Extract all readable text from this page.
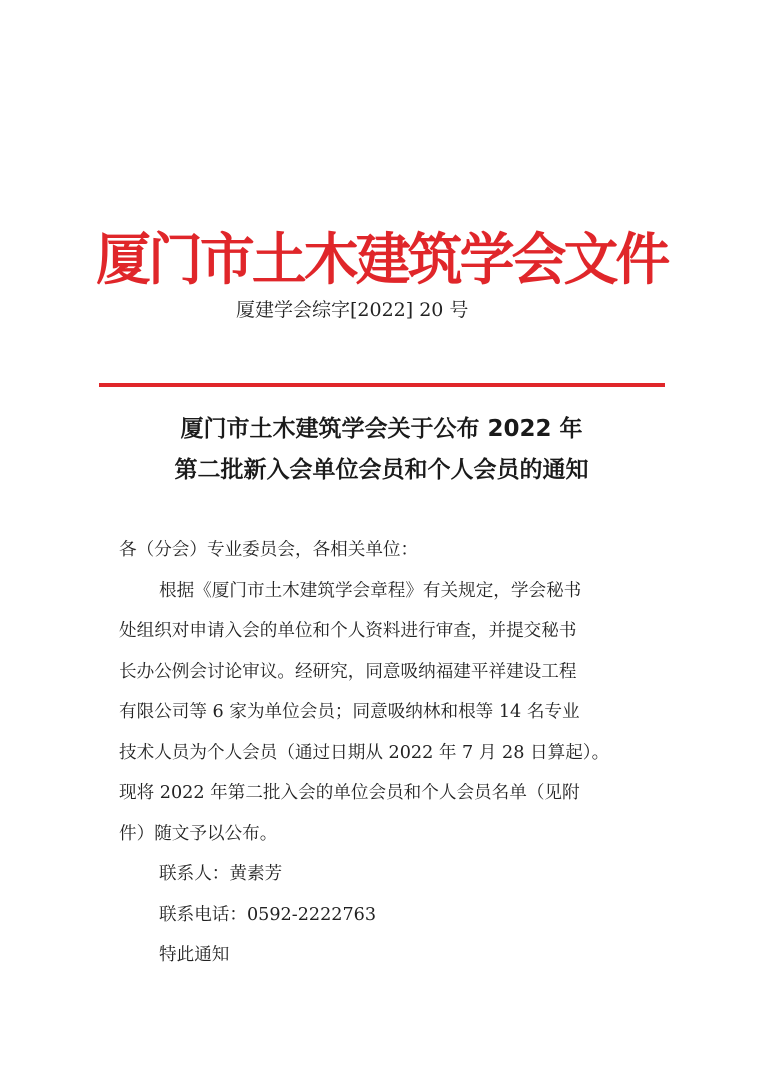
厦门市土木建筑学会文件
厦建学会综字[2022] 20 号
厦门市土木建筑学会关于公布 2022 年
第二批新入会单位会员和个人会员的通知

各（分会）专业委员会，各相关单位：

根据《厦门市土木建筑学会章程》有关规定，学会秘书

处组织对申请入会的单位和个人资料进行审查，并提交秘书

长办公例会讨论审议。经研究，同意吸纳福建平祥建设工程

有限公司等 6 家为单位会员；同意吸纳林和根等 14 名专业

技术人员为个人会员（通过日期从 2022 年 7 月 28 日算起）。

现将 2022 年第二批入会的单位会员和个人会员名单（见附

件）随文予以公布。

联系人：黄素芳

联系电话：0592-2222763

特此通知
